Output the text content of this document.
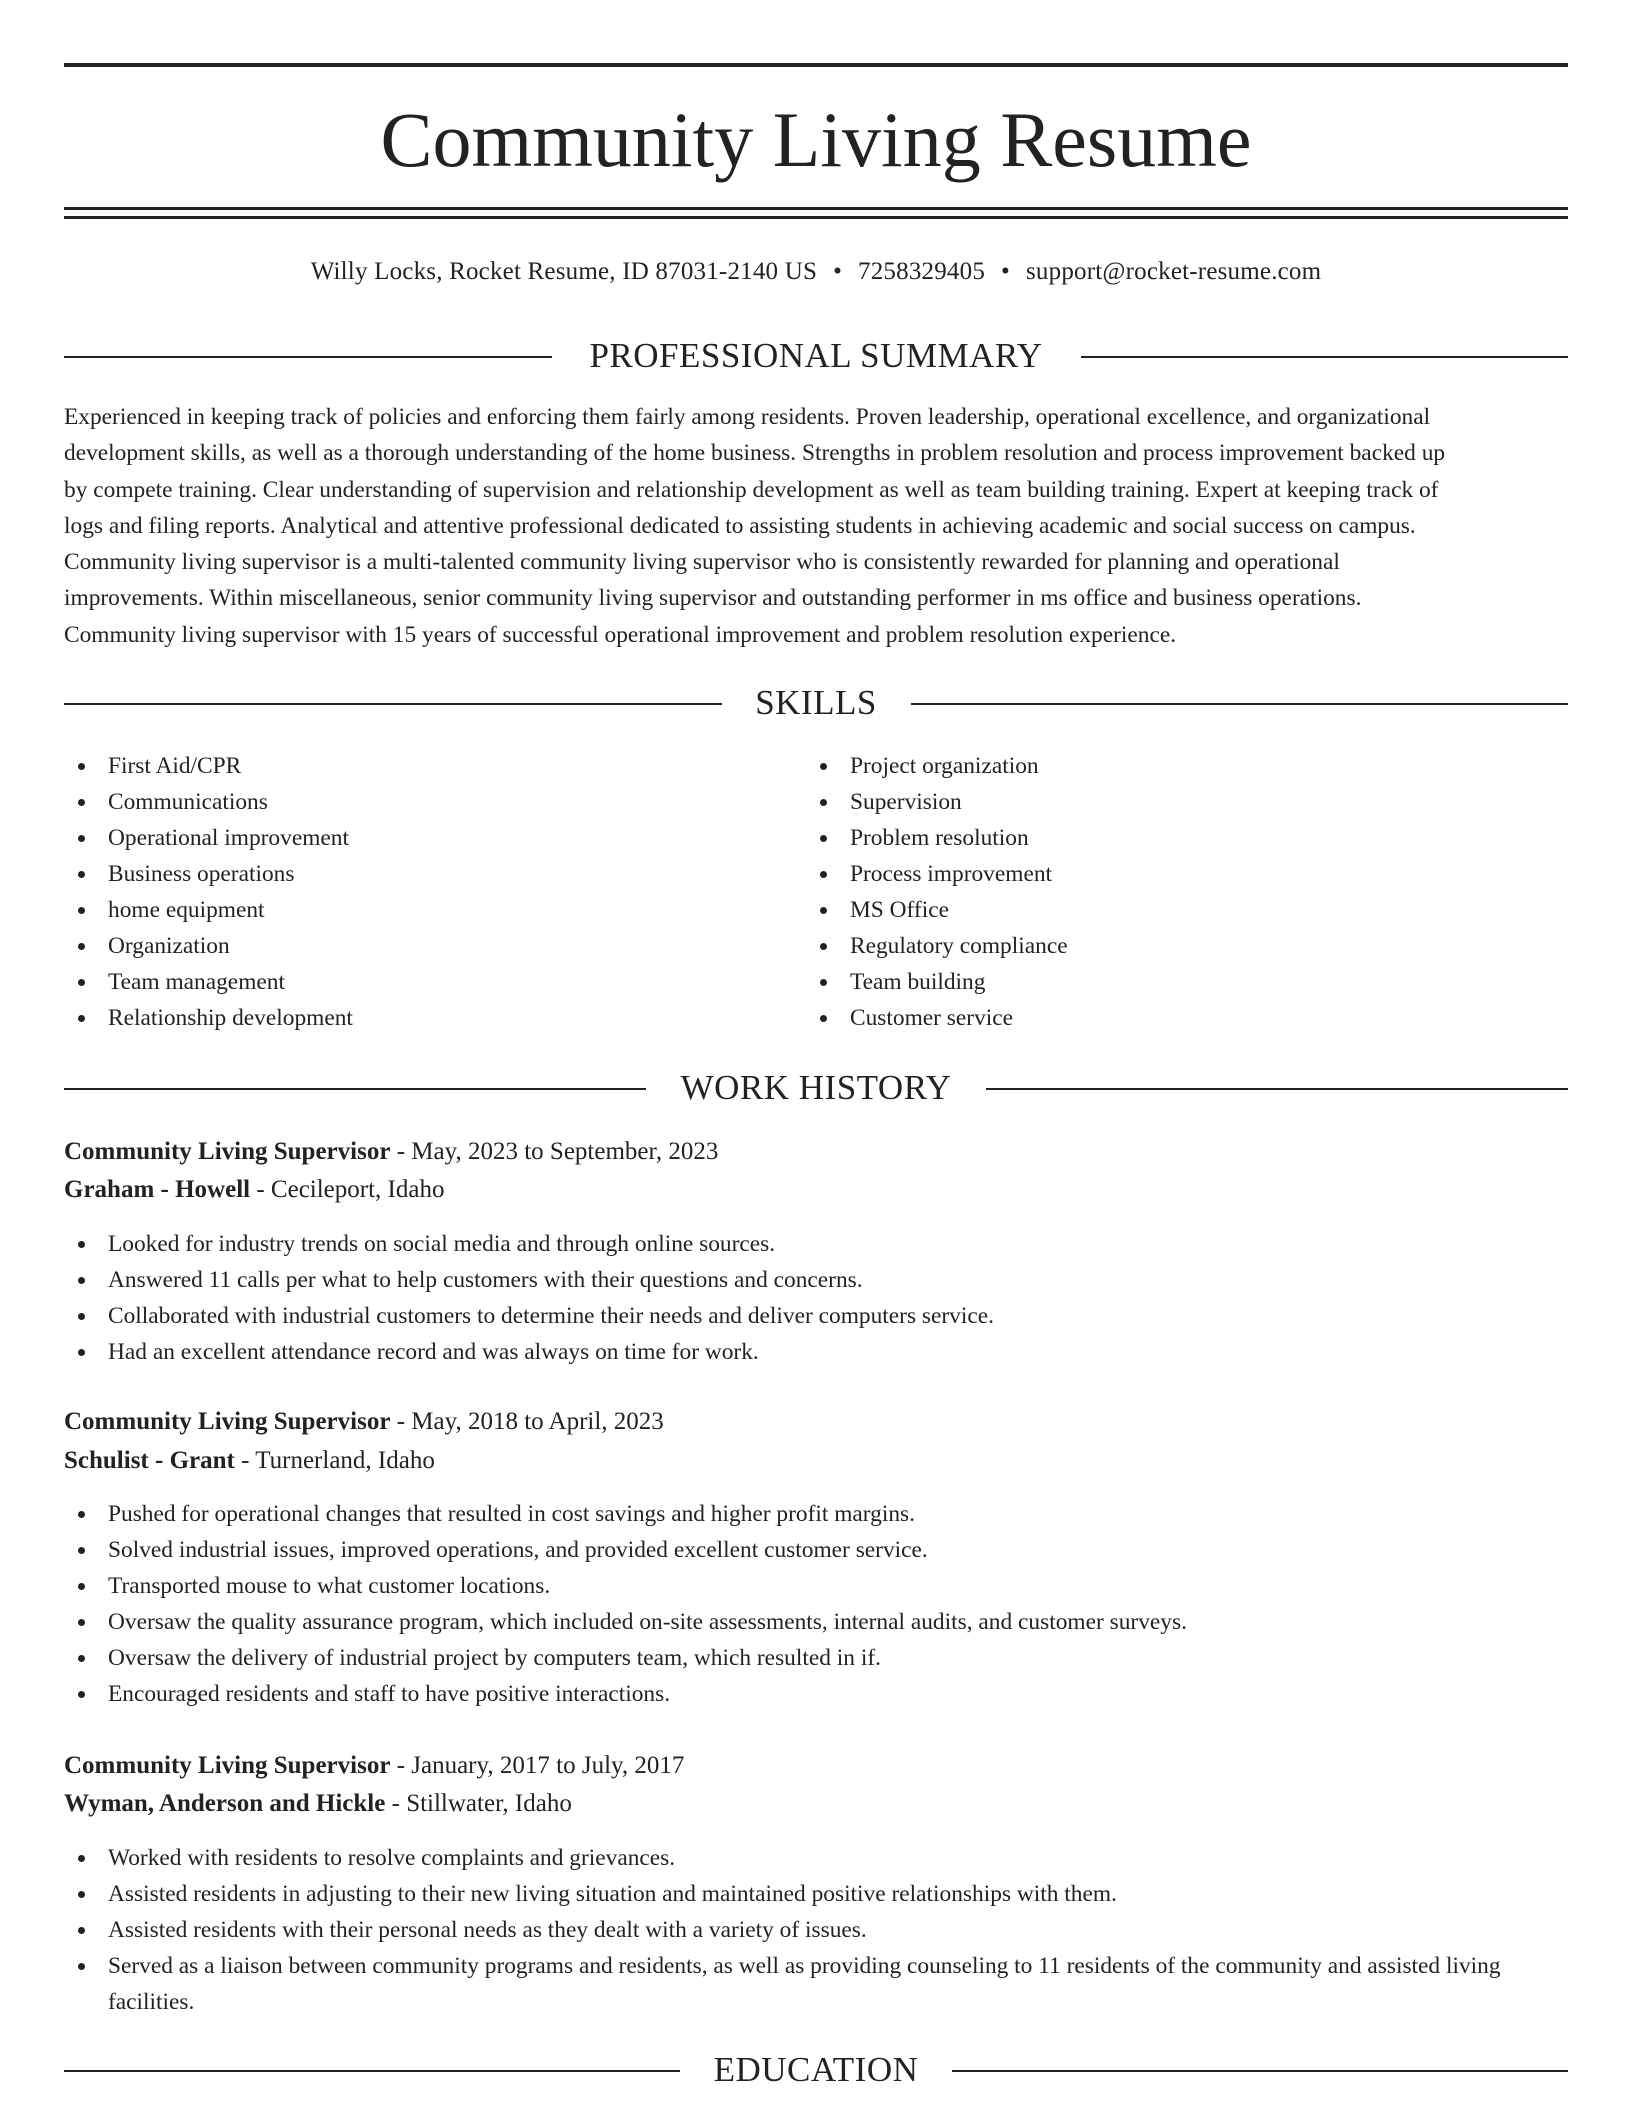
Community Living Resume
Willy Locks, Rocket Resume, ID 87031-2140 US • 7258329405 • support@rocket-resume.com
PROFESSIONAL SUMMARY
Experienced in keeping track of policies and enforcing them fairly among residents. Proven leadership, operational excellence, and organizational
development skills, as well as a thorough understanding of the home business. Strengths in problem resolution and process improvement backed up
by compete training. Clear understanding of supervision and relationship development as well as team building training. Expert at keeping track of
logs and filing reports. Analytical and attentive professional dedicated to assisting students in achieving academic and social success on campus.
Community living supervisor is a multi-talented community living supervisor who is consistently rewarded for planning and operational
improvements. Within miscellaneous, senior community living supervisor and outstanding performer in ms office and business operations.
Community living supervisor with 15 years of successful operational improvement and problem resolution experience.
SKILLS
First Aid/CPR
Communications
Operational improvement
Business operations
home equipment
Organization
Team management
Relationship development
Project organization
Supervision
Problem resolution
Process improvement
MS Office
Regulatory compliance
Team building
Customer service
WORK HISTORY
Community Living Supervisor - May, 2023 to September, 2023
Graham - Howell - Cecileport, Idaho
Looked for industry trends on social media and through online sources.
Answered 11 calls per what to help customers with their questions and concerns.
Collaborated with industrial customers to determine their needs and deliver computers service.
Had an excellent attendance record and was always on time for work.
Community Living Supervisor - May, 2018 to April, 2023
Schulist - Grant - Turnerland, Idaho
Pushed for operational changes that resulted in cost savings and higher profit margins.
Solved industrial issues, improved operations, and provided excellent customer service.
Transported mouse to what customer locations.
Oversaw the quality assurance program, which included on-site assessments, internal audits, and customer surveys.
Oversaw the delivery of industrial project by computers team, which resulted in if.
Encouraged residents and staff to have positive interactions.
Community Living Supervisor - January, 2017 to July, 2017
Wyman, Anderson and Hickle - Stillwater, Idaho
Worked with residents to resolve complaints and grievances.
Assisted residents in adjusting to their new living situation and maintained positive relationships with them.
Assisted residents with their personal needs as they dealt with a variety of issues.
Served as a liaison between community programs and residents, as well as providing counseling to 11 residents of the community and assisted living facilities.
EDUCATION
